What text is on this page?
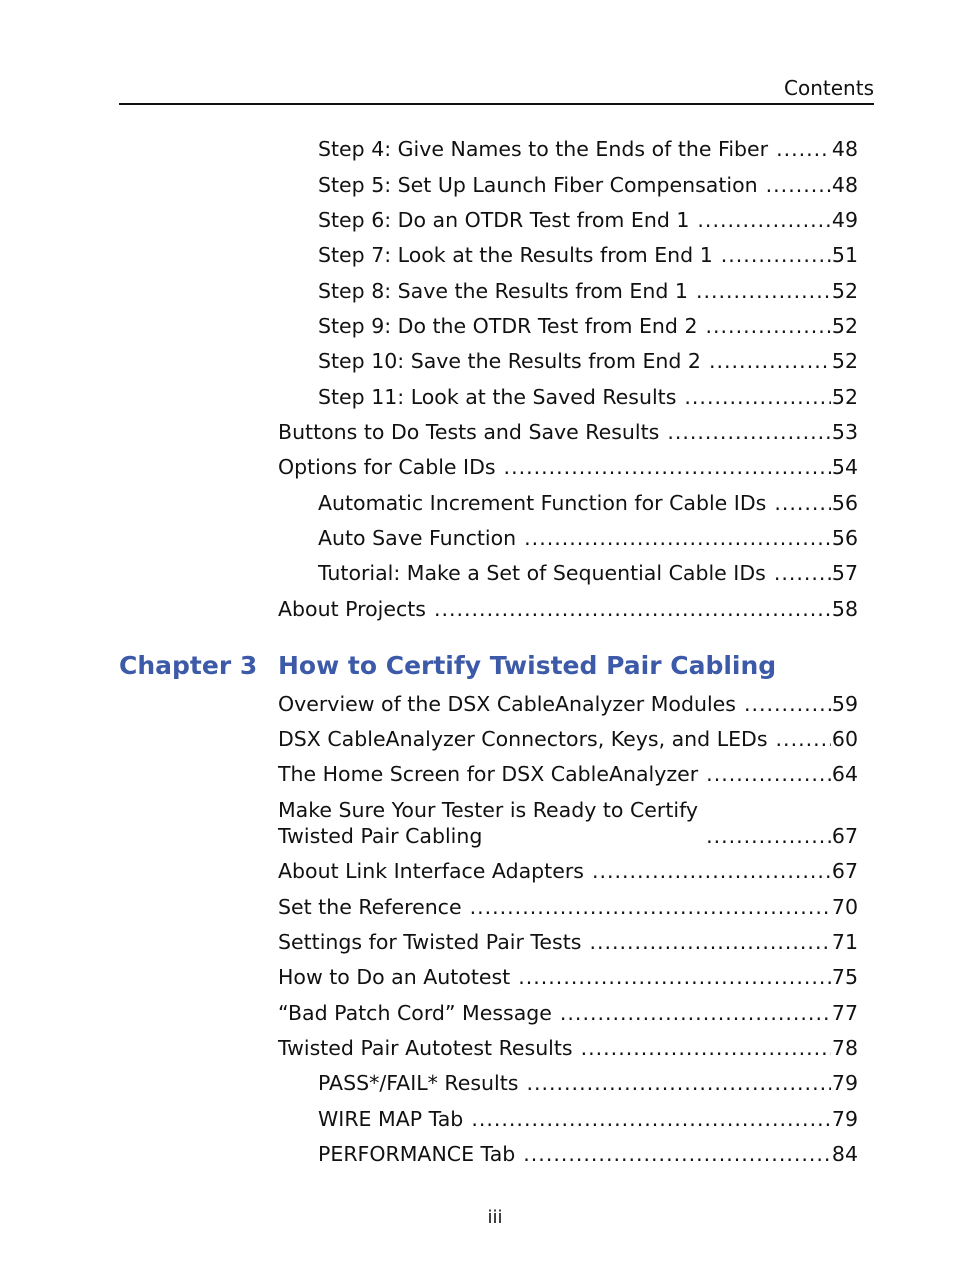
Contents
Step 4: Give Names to the Ends of the Fiber .....	48
Step 5: Set Up Launch Fiber Compensation .....	48
Step 6: Do an OTDR Test from End 1 .....	49
Step 7: Look at the Results from End 1 .....	51
Step 8: Save the Results from End 1 .....	52
Step 9: Do the OTDR Test from End 2 .....	52
Step 10: Save the Results from End 2 .....	52
Step 11: Look at the Saved Results .....	52
Buttons to Do Tests and Save Results .....	53
Options for Cable IDs .....	54
Automatic Increment Function for Cable IDs .....	56
Auto Save Function .....	56
Tutorial: Make a Set of Sequential Cable IDs .....	57
About Projects .....	58
Chapter 3 How to Certify Twisted Pair Cabling
Overview of the DSX CableAnalyzer Modules .....	59
DSX CableAnalyzer Connectors, Keys, and LEDs .....	60
The Home Screen for DSX CableAnalyzer .....	64
Make Sure Your Tester is Ready to Certify
Twisted Pair Cabling .....	67
About Link Interface Adapters .....	67
Set the Reference .....	70
Settings for Twisted Pair Tests .....	71
How to Do an Autotest .....	75
“Bad Patch Cord” Message .....	77
Twisted Pair Autotest Results .....	78
PASS*/FAIL* Results .....	79
WIRE MAP Tab .....	79
PERFORMANCE Tab .....	84
iii
